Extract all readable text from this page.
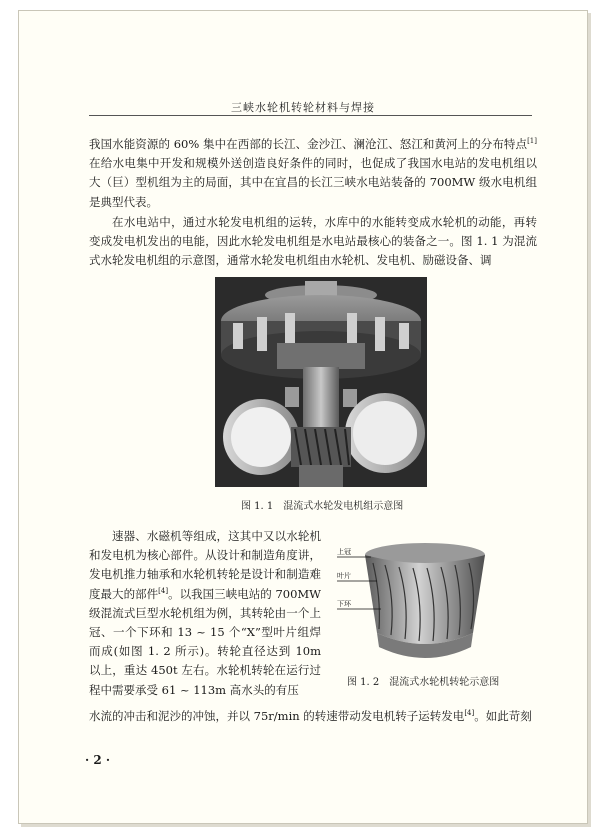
三峡水轮机转轮材料与焊接

我国水能资源的 60% 集中在西部的长江、金沙江、澜沧江、怒江和黄河上的分布特点[1]在给水电集中开发和规模外送创造良好条件的同时，也促成了我国水电站的发电机组以大（巨）型机组为主的局面，其中在宜昌的长江三峡水电站装备的 700MW 级水电机组是典型代表。

在水电站中，通过水轮发电机组的运转，水库中的水能转变成水轮机的动能，再转变成发电机发出的电能，因此水轮发电机组是水电站最核心的装备之一。图 1. 1 为混流式水轮发电机组的示意图，通常水轮发电机组由水轮机、发电机、励磁设备、调

图 1. 1　混流式水轮发电机组示意图

速器、水磁机等组成，这其中又以水轮机和发电机为核心部件。从设计和制造角度讲，发电机推力轴承和水轮机转轮是设计和制造难度最大的部件[4]。以我国三峡电站的 700MW 级混流式巨型水轮机组为例，其转轮由一个上冠、一个下环和 13 ~ 15 个“X”型叶片组焊而成(如图 1. 2 所示)。转轮直径达到 10m 以上，重达 450t 左右。水轮机转轮在运行过程中需要承受 61 ~ 113m 高水头的有压

上冠
叶片
下环
图 1. 2　混流式水轮机转轮示意图

水流的冲击和泥沙的冲蚀，并以 75r/min 的转速带动发电机转子运转发电[4]。如此苛刻

· 2 ·
